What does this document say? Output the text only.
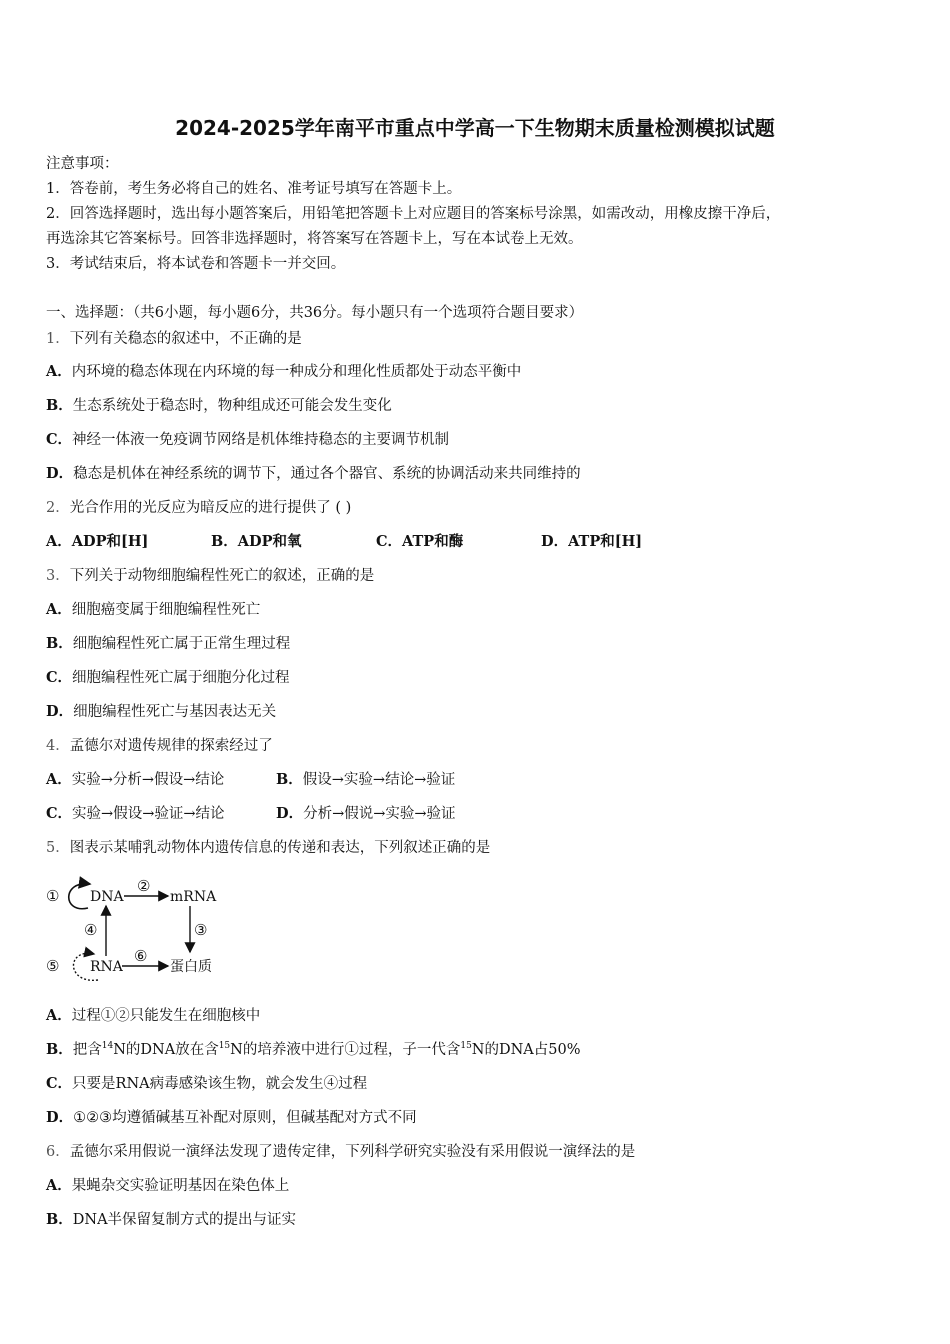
2024-2025学年南平市重点中学高一下生物期末质量检测模拟试题
注意事项：
1．答卷前，考生务必将自己的姓名、准考证号填写在答题卡上。
2．回答选择题时，选出每小题答案后，用铅笔把答题卡上对应题目的答案标号涂黑，如需改动，用橡皮擦干净后，
再选涂其它答案标号。回答非选择题时，将答案写在答题卡上，写在本试卷上无效。
3．考试结束后，将本试卷和答题卡一并交回。
一、选择题：（共6小题，每小题6分，共36分。每小题只有一个选项符合题目要求）
1．下列有关稳态的叙述中，不正确的是
A．内环境的稳态体现在内环境的每一种成分和理化性质都处于动态平衡中
B．生态系统处于稳态时，物种组成还可能会发生变化
C．神经一体液一免疫调节网络是机体维持稳态的主要调节机制
D．稳态是机体在神经系统的调节下，通过各个器官、系统的协调活动来共同维持的
2．光合作用的光反应为暗反应的进行提供了 ( )
A．ADP和[H]	B．ADP和氧	C．ATP和酶	D．ATP和[H]
3．下列关于动物细胞编程性死亡的叙述，正确的是
A．细胞癌变属于细胞编程性死亡
B．细胞编程性死亡属于正常生理过程
C．细胞编程性死亡属于细胞分化过程
D．细胞编程性死亡与基因表达无关
4．孟德尔对遗传规律的探索经过了
A．实验→分析→假设→结论	B．假设→实验→结论→验证
C．实验→假设→验证→结论	D．分析→假说→实验→验证
5．图表示某哺乳动物体内遗传信息的传递和表达，下列叙述正确的是
① DNA
②
mRNA
③
④
⑤ RNA
⑥
蛋白质
A．过程①②只能发生在细胞核中
B．把含$^{14}$N的DNA放在含$^{15}$N的培养液中进行①过程，子一代含$^{15}$N的DNA占50%
C．只要是RNA病毒感染该生物，就会发生④过程
D．①②③均遵循碱基互补配对原则，但碱基配对方式不同
6．孟德尔采用假说一演绎法发现了遗传定律，下列科学研究实验没有采用假说一演绎法的是
A．果蝇杂交实验证明基因在染色体上
B．DNA半保留复制方式的提出与证实
